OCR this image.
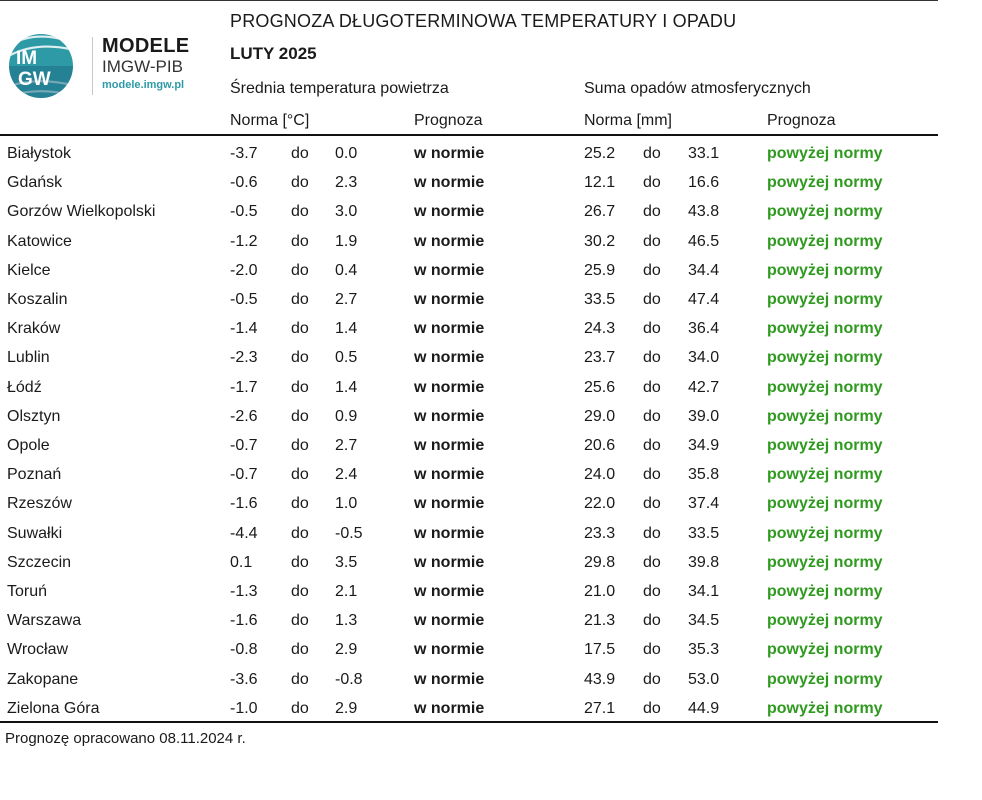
IM
GW
MODELE
IMGW-PIB
modele.imgw.pl
PROGNOZA DŁUGOTERMINOWA TEMPERATURY I OPADU
LUTY 2025
Średnia temperatura powietrza	Suma opadów atmosferycznych
Norma [°C]	Prognoza	Norma [mm]	Prognoza
Białystok	-3.7 do 0.0	w normie	25.2 do 33.1	powyżej normy
Gdańsk	-0.6 do 2.3	w normie	12.1 do 16.6	powyżej normy
Gorzów Wielkopolski	-0.5 do 3.0	w normie	26.7 do 43.8	powyżej normy
Katowice	-1.2 do 1.9	w normie	30.2 do 46.5	powyżej normy
Kielce	-2.0 do 0.4	w normie	25.9 do 34.4	powyżej normy
Koszalin	-0.5 do 2.7	w normie	33.5 do 47.4	powyżej normy
Kraków	-1.4 do 1.4	w normie	24.3 do 36.4	powyżej normy
Lublin	-2.3 do 0.5	w normie	23.7 do 34.0	powyżej normy
Łódź	-1.7 do 1.4	w normie	25.6 do 42.7	powyżej normy
Olsztyn	-2.6 do 0.9	w normie	29.0 do 39.0	powyżej normy
Opole	-0.7 do 2.7	w normie	20.6 do 34.9	powyżej normy
Poznań	-0.7 do 2.4	w normie	24.0 do 35.8	powyżej normy
Rzeszów	-1.6 do 1.0	w normie	22.0 do 37.4	powyżej normy
Suwałki	-4.4 do -0.5	w normie	23.3 do 33.5	powyżej normy
Szczecin	0.1 do 3.5	w normie	29.8 do 39.8	powyżej normy
Toruń	-1.3 do 2.1	w normie	21.0 do 34.1	powyżej normy
Warszawa	-1.6 do 1.3	w normie	21.3 do 34.5	powyżej normy
Wrocław	-0.8 do 2.9	w normie	17.5 do 35.3	powyżej normy
Zakopane	-3.6 do -0.8	w normie	43.9 do 53.0	powyżej normy
Zielona Góra	-1.0 do 2.9	w normie	27.1 do 44.9	powyżej normy
Prognozę opracowano 08.11.2024 r.
